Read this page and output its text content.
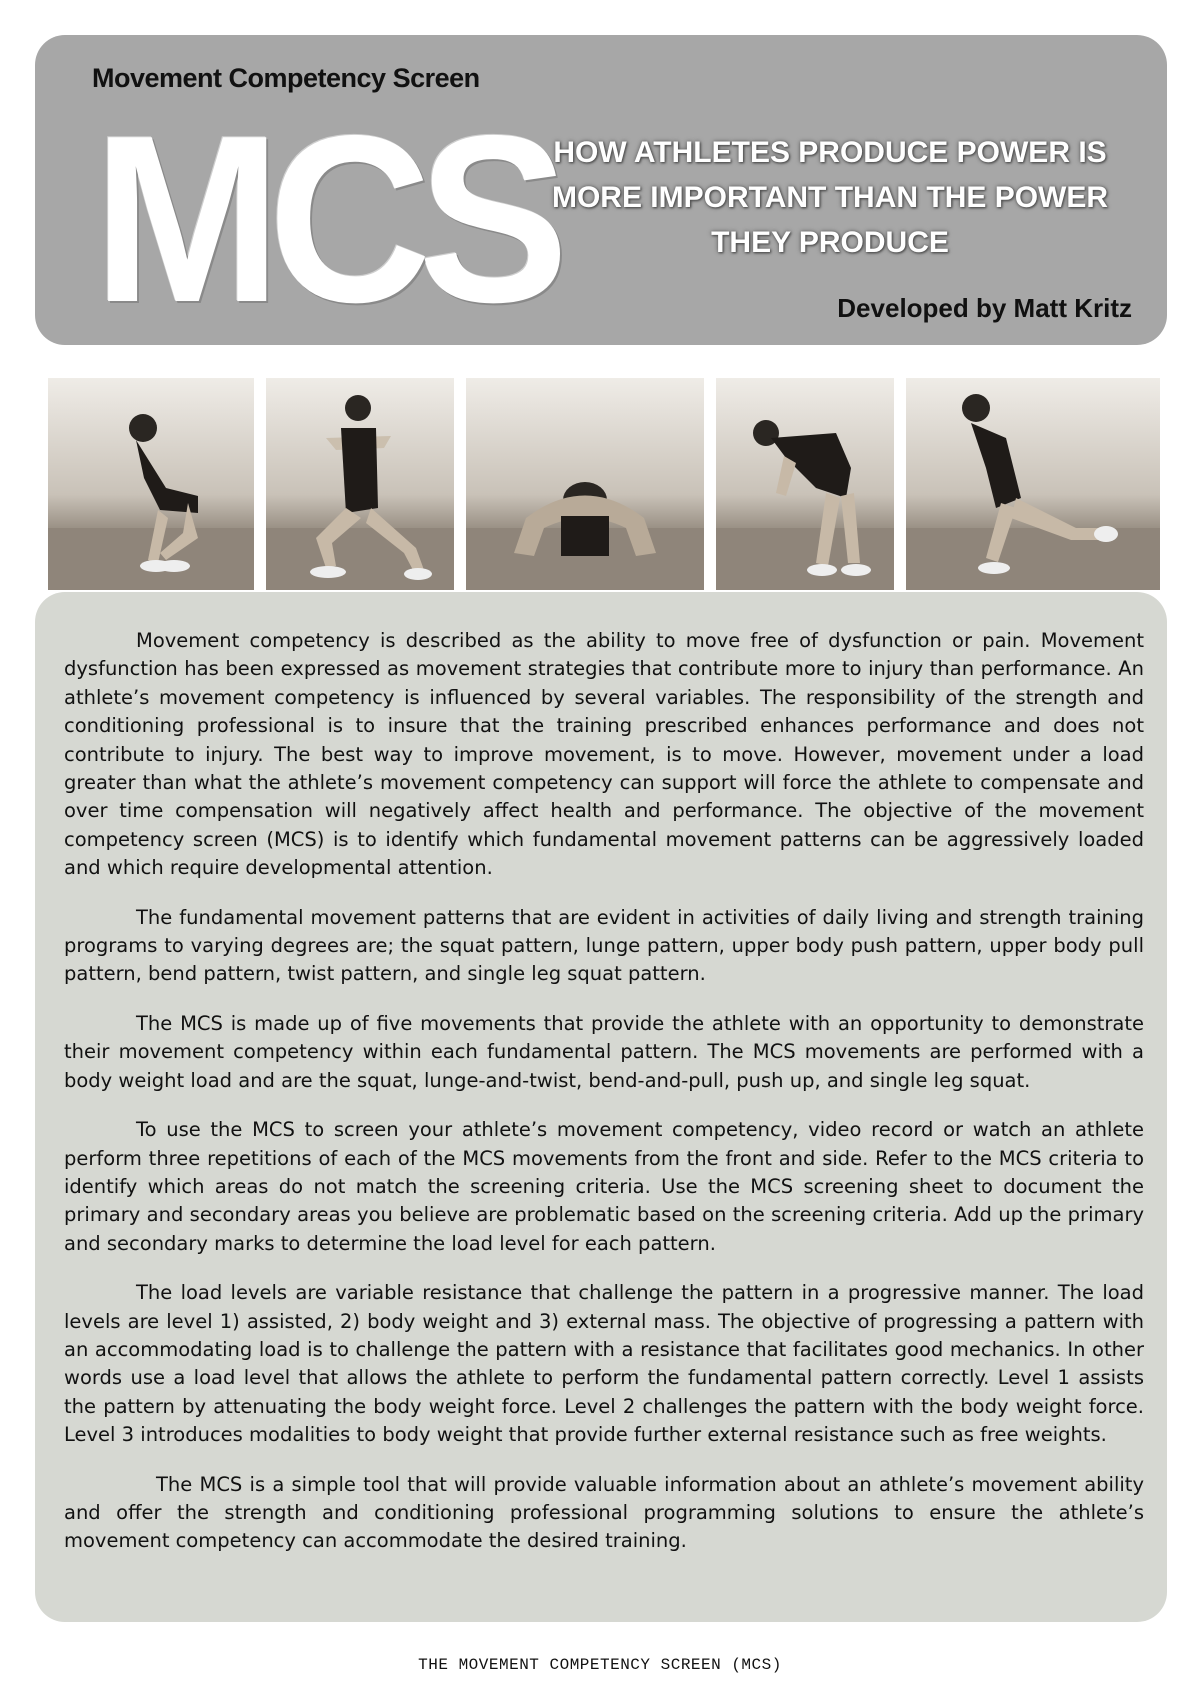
Movement Competency Screen
MCS
HOW ATHLETES PRODUCE POWER IS MORE IMPORTANT THAN THE POWER THEY PRODUCE
Developed by Matt Kritz

Movement competency is described as the ability to move free of dysfunction or pain. Movement dysfunction has been expressed as movement strategies that contribute more to injury than performance. An athlete’s movement competency is influenced by several variables. The responsibility of the strength and conditioning professional is to insure that the training prescribed enhances performance and does not contribute to injury. The best way to improve movement, is to move. However, movement under a load greater than what the athlete’s movement competency can support will force the athlete to compensate and over time compensation will negatively affect health and performance. The objective of the movement competency screen (MCS) is to identify which fundamental movement patterns can be aggressively loaded and which require developmental attention.

The fundamental movement patterns that are evident in activities of daily living and strength training programs to varying degrees are; the squat pattern, lunge pattern, upper body push pattern, upper body pull pattern, bend pattern, twist pattern, and single leg squat pattern.

The MCS is made up of five movements that provide the athlete with an opportunity to demonstrate their movement competency within each fundamental pattern. The MCS movements are performed with a body weight load and are the squat, lunge-and-twist, bend-and-pull, push up, and single leg squat.

To use the MCS to screen your athlete’s movement competency, video record or watch an athlete perform three repetitions of each of the MCS movements from the front and side. Refer to the MCS criteria to identify which areas do not match the screening criteria. Use the MCS screening sheet to document the primary and secondary areas you believe are problematic based on the screening criteria. Add up the primary and secondary marks to determine the load level for each pattern.

The load levels are variable resistance that challenge the pattern in a progressive manner. The load levels are level 1) assisted, 2) body weight and 3) external mass. The objective of progressing a pattern with an accommodating load is to challenge the pattern with a resistance that facilitates good mechanics. In other words use a load level that allows the athlete to perform the fundamental pattern correctly. Level 1 assists the pattern by attenuating the body weight force. Level 2 challenges the pattern with the body weight force. Level 3 introduces modalities to body weight that provide further external resistance such as free weights.

The MCS is a simple tool that will provide valuable information about an athlete’s movement ability and offer the strength and conditioning professional programming solutions to ensure the athlete’s movement competency can accommodate the desired training.

THE MOVEMENT COMPETENCY SCREEN (MCS)
